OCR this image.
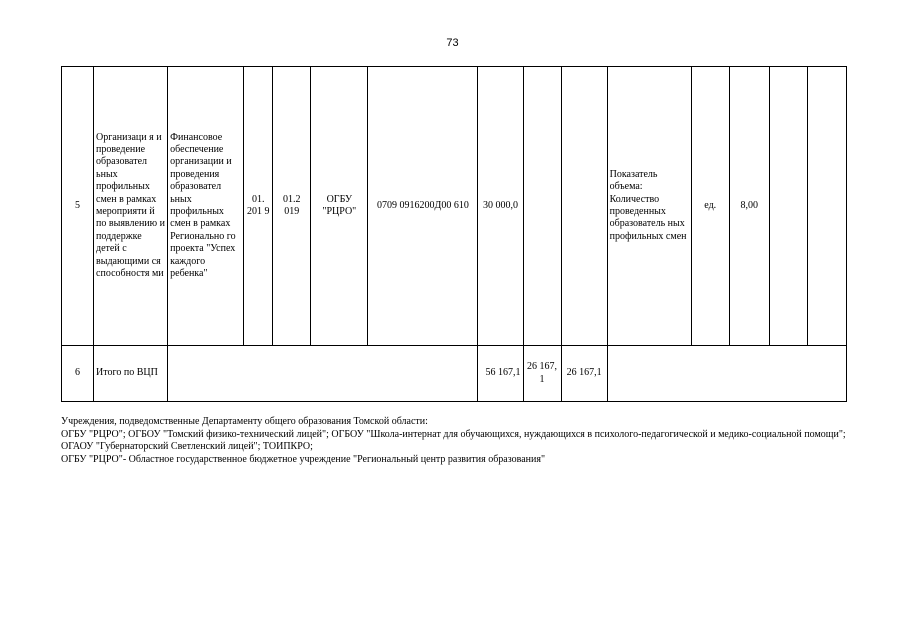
73
5	Организаци я и проведение образовател ьных профильных смен в рамках мероприяти й по выявлению и поддержке детей с выдающими ся способностя ми	Финансовое обеспечение организации и проведения образовател ьных профильных смен в рамках Регионально го проекта "Успех каждого ребенка"	01. 201 9	01.2 019	ОГБУ "РЦРО"	0709 0916200Д00 610	30 000,0			Показатель объема: Количество проведенных образователь ных профильных смен	ед.	8,00		
6	Итого по ВЦП						56 167,1	26 167, 1	26 167,1					
Учреждения, подведомственные Департаменту общего образования Томской области:
ОГБУ "РЦРО"; ОГБОУ "Томский физико-технический лицей"; ОГБОУ "Школа-интернат для обучающихся, нуждающихся в психолого-педагогической и медико-социальной помощи"; ОГАОУ "Губернаторский Светленский лицей"; ТОИПКРО;
ОГБУ "РЦРО"- Областное государственное бюджетное учреждение "Региональный центр развития образования"
